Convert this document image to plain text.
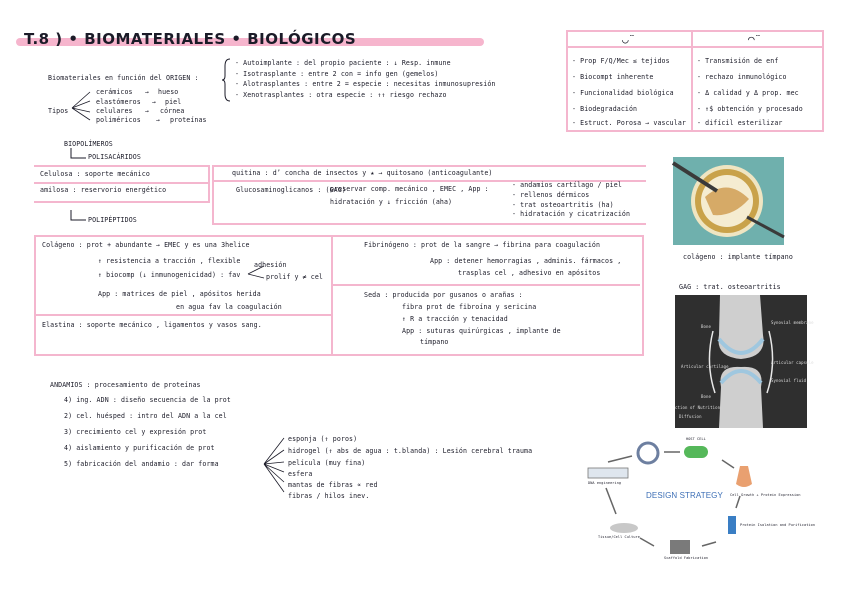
T.8 ) • BIOMATERIALES • BIOLÓGICOS
Biomateriales en función del ORIGEN :
- Autoimplante : del propio paciente : ↓ Resp. inmune
- Isotrasplante : entre 2 con = info gen (gemelos)
- Alotrasplantes : entre 2 = especie : necesitas inmunosupresión
- Xenotrasplantes : otra especie : ↑↑ riesgo rechazo
Tipos
cerámicos → hueso
elastómeros → piel
celulares → córnea
poliméricos → proteínas
◡̈	◠̈
- Prop F/Q/Mec ≤ tejidos
- Biocompt inherente
- Funcionalidad biológica
- Biodegradación
- Estruct. Porosa → vascular
- Transmisión de enf
- rechazo inmunológico
- Δ calidad y Δ prop. mec
- ↑$ obtención y procesado
- difícil esterilizar
BIOPOLÍMEROS
POLISACÁRIDOS
Celulosa : soporte mecánico
amilosa : reservorio energético
quitina : d’ concha de insectos y ★ → quitosano (anticoagulante)
Glucosaminoglicanos : (GAG)
preservar comp. mecánico , EMEC , App :
hidratación y ↓ fricción (aha)
- andamios cartílago / piel
- rellenos dérmicos
- trat osteoartritis (ha)
- hidratación y cicatrización
POLIPÉPTIDOS
Colágeno : prot + abundante → EMEC y es una 3helice
↑ resistencia a tracción , flexible
↑ biocomp (↓ inmunogenicidad) : fav
adhesión
prolif y ≠ cel
App : matrices de piel , apósitos herida
en agua fav la coagulación
Elastina : soporte mecánico , ligamentos y vasos sang.
Fibrinógeno : prot de la sangre → fibrina para coagulación
App : detener hemorragias , adminis. fármacos ,
trasplas cel , adhesivo en apósitos
Seda : producida por gusanos o arañas :
fibra prot de fibroína y sericina
↑ R a tracción y tenacidad
App : suturas quirúrgicas , implante de
tímpano
ANDAMIOS : procesamiento de proteínas
4) ing. ADN : diseño secuencia de la prot
2) cel. huésped : intro del ADN a la cel
3) crecimiento cel y expresión prot
4) aislamiento y purificación de prot
5) fabricación del andamio : dar forma
esponja (↑ poros)
hidrogel (↑ abs de agua : t.blanda) : Lesión cerebral trauma
película (muy fina)
esfera
mantas de fibras ∝ red
fibras / hilos inev.
colágeno : implante tímpano
GAG : trat. osteoartritis
Bone
Synovial membrane
Articular cartilage
Articular capsule
Synovial fluid
Bone
Diffusion
ction of Nutrition
DESIGN STRATEGY
HOST CELL
DNA engineering
Cell Growth + Protein Expression
Protein Isolation and Purification
Scaffold Fabrication
Tissue/Cell Culture
